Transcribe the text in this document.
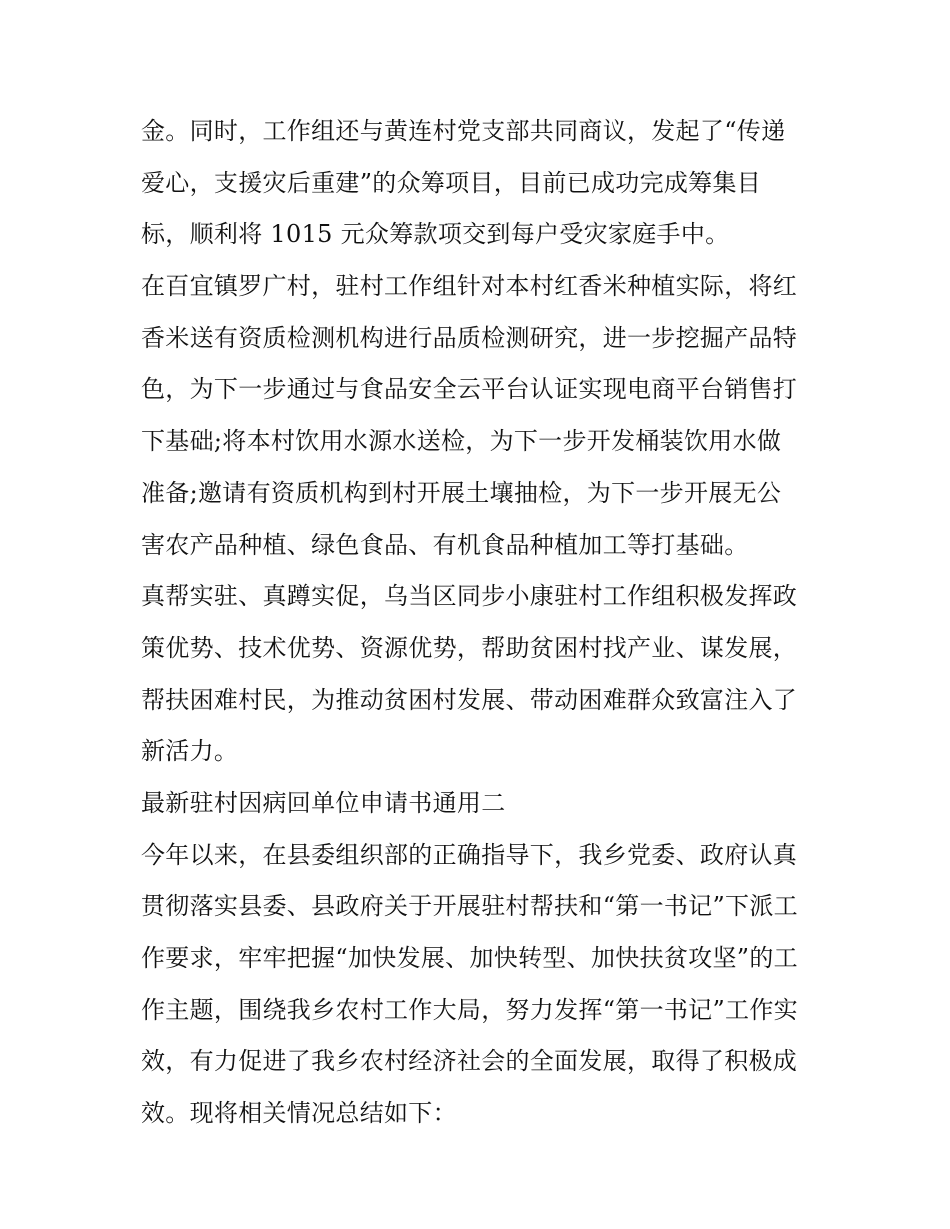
金。同时，工作组还与黄连村党支部共同商议，发起了“传递
爱心，支援灾后重建”的众筹项目，目前已成功完成筹集目
标，顺利将 1015 元众筹款项交到每户受灾家庭手中。
在百宜镇罗广村，驻村工作组针对本村红香米种植实际，将红
香米送有资质检测机构进行品质检测研究，进一步挖掘产品特
色，为下一步通过与食品安全云平台认证实现电商平台销售打
下基础;将本村饮用水源水送检，为下一步开发桶装饮用水做
准备;邀请有资质机构到村开展土壤抽检，为下一步开展无公
害农产品种植、绿色食品、有机食品种植加工等打基础。
真帮实驻、真蹲实促，乌当区同步小康驻村工作组积极发挥政
策优势、技术优势、资源优势，帮助贫困村找产业、谋发展，
帮扶困难村民，为推动贫困村发展、带动困难群众致富注入了
新活力。
最新驻村因病回单位申请书通用二
今年以来，在县委组织部的正确指导下，我乡党委、政府认真
贯彻落实县委、县政府关于开展驻村帮扶和“第一书记”下派工
作要求，牢牢把握“加快发展、加快转型、加快扶贫攻坚”的工
作主题，围绕我乡农村工作大局，努力发挥“第一书记”工作实
效，有力促进了我乡农村经济社会的全面发展，取得了积极成
效。现将相关情况总结如下：
